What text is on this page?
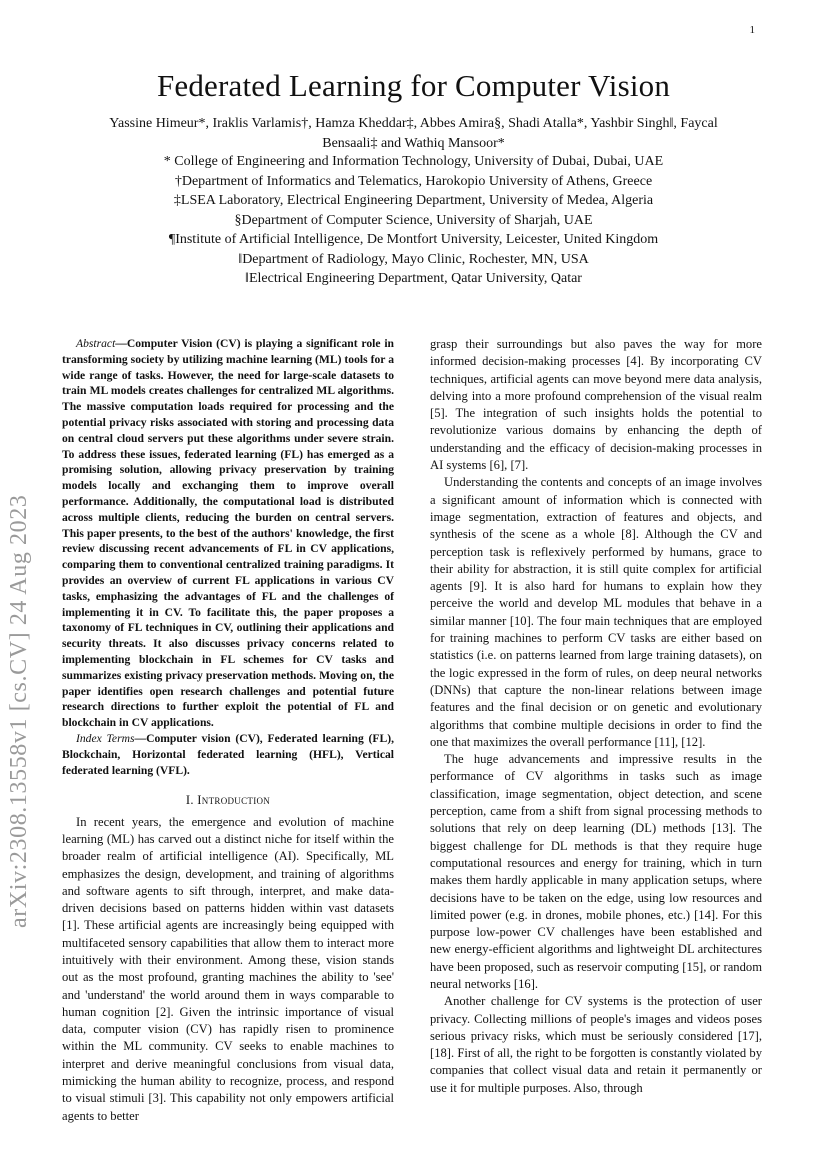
1
Federated Learning for Computer Vision
Yassine Himeur*, Iraklis Varlamis†, Hamza Kheddar‡, Abbes Amira§, Shadi Atalla*, Yashbir Singh‖, Faycal
Bensaali‡ and Wathiq Mansoor*
* College of Engineering and Information Technology, University of Dubai, Dubai, UAE
†Department of Informatics and Telematics, Harokopio University of Athens, Greece
‡LSEA Laboratory, Electrical Engineering Department, University of Medea, Algeria
§Department of Computer Science, University of Sharjah, UAE
¶Institute of Artificial Intelligence, De Montfort University, Leicester, United Kingdom
‖Department of Radiology, Mayo Clinic, Rochester, MN, USA
‖Electrical Engineering Department, Qatar University, Qatar
arXiv:2308.13558v1 [cs.CV] 24 Aug 2023

Abstract—Computer Vision (CV) is playing a significant role in transforming society by utilizing machine learning (ML) tools for a wide range of tasks. However, the need for large-scale datasets to train ML models creates challenges for centralized ML algorithms. The massive computation loads required for processing and the potential privacy risks associated with storing and processing data on central cloud servers put these algorithms under severe strain. To address these issues, federated learning (FL) has emerged as a promising solution, allowing privacy preservation by training models locally and exchanging them to improve overall performance. Additionally, the computational load is distributed across multiple clients, reducing the burden on central servers. This paper presents, to the best of the authors' knowledge, the first review discussing recent advancements of FL in CV applications, comparing them to conventional centralized training paradigms. It provides an overview of current FL applications in various CV tasks, emphasizing the advantages of FL and the challenges of implementing it in CV. To facilitate this, the paper proposes a taxonomy of FL techniques in CV, outlining their applications and security threats. It also discusses privacy concerns related to implementing blockchain in FL schemes for CV tasks and summarizes existing privacy preservation methods. Moving on, the paper identifies open research challenges and potential future research directions to further exploit the potential of FL and blockchain in CV applications.

Index Terms—Computer vision (CV), Federated learning (FL), Blockchain, Horizontal federated learning (HFL), Vertical federated learning (VFL).

I. Introduction

In recent years, the emergence and evolution of machine learning (ML) has carved out a distinct niche for itself within the broader realm of artificial intelligence (AI). Specifically, ML emphasizes the design, development, and training of algorithms and software agents to sift through, interpret, and make data-driven decisions based on patterns hidden within vast datasets [1]. These artificial agents are increasingly being equipped with multifaceted sensory capabilities that allow them to interact more intuitively with their environment. Among these, vision stands out as the most profound, granting machines the ability to 'see' and 'understand' the world around them in ways comparable to human cognition [2]. Given the intrinsic importance of visual data, computer vision (CV) has rapidly risen to prominence within the ML community. CV seeks to enable machines to interpret and derive meaningful conclusions from visual data, mimicking the human ability to recognize, process, and respond to visual stimuli [3]. This capability not only empowers artificial agents to better

grasp their surroundings but also paves the way for more informed decision-making processes [4]. By incorporating CV techniques, artificial agents can move beyond mere data analysis, delving into a more profound comprehension of the visual realm [5]. The integration of such insights holds the potential to revolutionize various domains by enhancing the depth of understanding and the efficacy of decision-making processes in AI systems [6], [7].

Understanding the contents and concepts of an image involves a significant amount of information which is connected with image segmentation, extraction of features and objects, and synthesis of the scene as a whole [8]. Although the CV and perception task is reflexively performed by humans, grace to their ability for abstraction, it is still quite complex for artificial agents [9]. It is also hard for humans to explain how they perceive the world and develop ML modules that behave in a similar manner [10]. The four main techniques that are employed for training machines to perform CV tasks are either based on statistics (i.e. on patterns learned from large training datasets), on the logic expressed in the form of rules, on deep neural networks (DNNs) that capture the non-linear relations between image features and the final decision or on genetic and evolutionary algorithms that combine multiple decisions in order to find the one that maximizes the overall performance [11], [12].

The huge advancements and impressive results in the performance of CV algorithms in tasks such as image classification, image segmentation, object detection, and scene perception, came from a shift from signal processing methods to solutions that rely on deep learning (DL) methods [13]. The biggest challenge for DL methods is that they require huge computational resources and energy for training, which in turn makes them hardly applicable in many application setups, where decisions have to be taken on the edge, using low resources and limited power (e.g. in drones, mobile phones, etc.) [14]. For this purpose low-power CV challenges have been established and new energy-efficient algorithms and lightweight DL architectures have been proposed, such as reservoir computing [15], or random neural networks [16].

Another challenge for CV systems is the protection of user privacy. Collecting millions of people's images and videos poses serious privacy risks, which must be seriously considered [17], [18]. First of all, the right to be forgotten is constantly violated by companies that collect visual data and retain it permanently or use it for multiple purposes. Also, through
